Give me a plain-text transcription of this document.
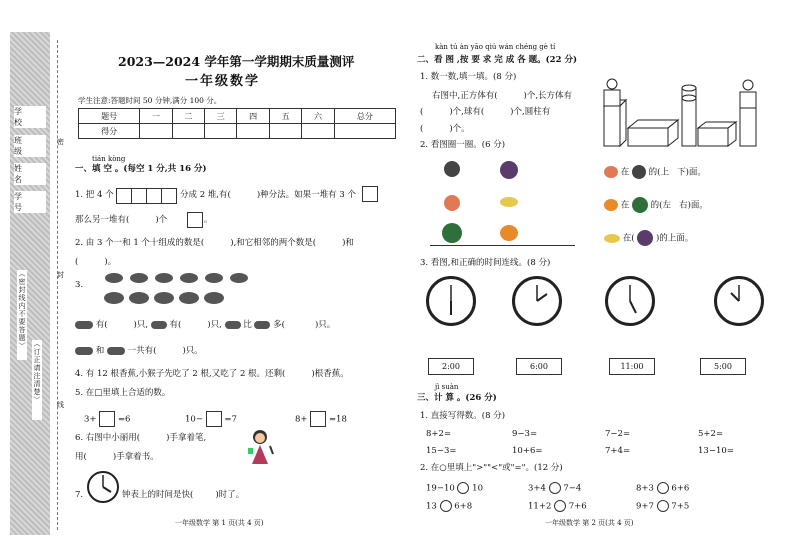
学 校
班 级
姓 名
学 号
（密封线内不要答题）
（订正请注清楚）
密
封
线
2023—2024 学年第一学期期末质量测评
一年级数学
学生注意:答题时间 50 分钟,满分 100 分。
题号	一	二	三	四	五	六	总分
得分							
tián kòng
一、填 空 。(每空 1 分,共 16 分)
1. 把 4 个	分成 2 堆,有(	)种分法。如果一堆有 3 个
那么另一堆有(	)个	。
2. 由 3 个一和 1 个十组成的数是(	),和它相邻的两个数是(	)和
(	)。
3.
有(	)只,	有(	)只,	比	多(	)只。
和	一共有(	)只。
4. 有 12 根香蕉,小猴子先吃了 2 根,又吃了 2 根。还剩(	)根香蕉。
5. 在□里填上合适的数。
3+	=6	10−	=7	8+	=18
6. 右图中小丽用(	)手拿着笔,
用(	)手拿着书。
7.	钟表上的时间是快(	)时了。
一年级数学 第 1 页(共 4 页)
kàn tú àn yāo qiú wán chéng gè tí
二、看 图 ,按 要 求 完 成 各 题。(22 分)
1. 数一数,填一填。(8 分)
右图中,正方体有(	)个,长方体有
(	)个,球有(	)个,圆柱有
(	)个。
2. 看图圈一圈。(6 分)
在 的(上 下)面。
在	的(左 右)面。
在(	)的上面。
3. 看图,和正确的时间连线。(8 分)
2:00	6:00	11:00	5:00
jì suàn
三、计 算 。(26 分)
1. 直接写得数。(8 分)
8+2=	9−3=	7−2=	5+2=
15−3=	10+6=	7+4=	13−10=
2. 在○里填上">""<"或"="。(12 分)
19−10 10	3+4 7−4	8+3 6+6
13 6+8	11+2 7+6	9+7 7+5
一年级数学 第 2 页(共 4 页)
